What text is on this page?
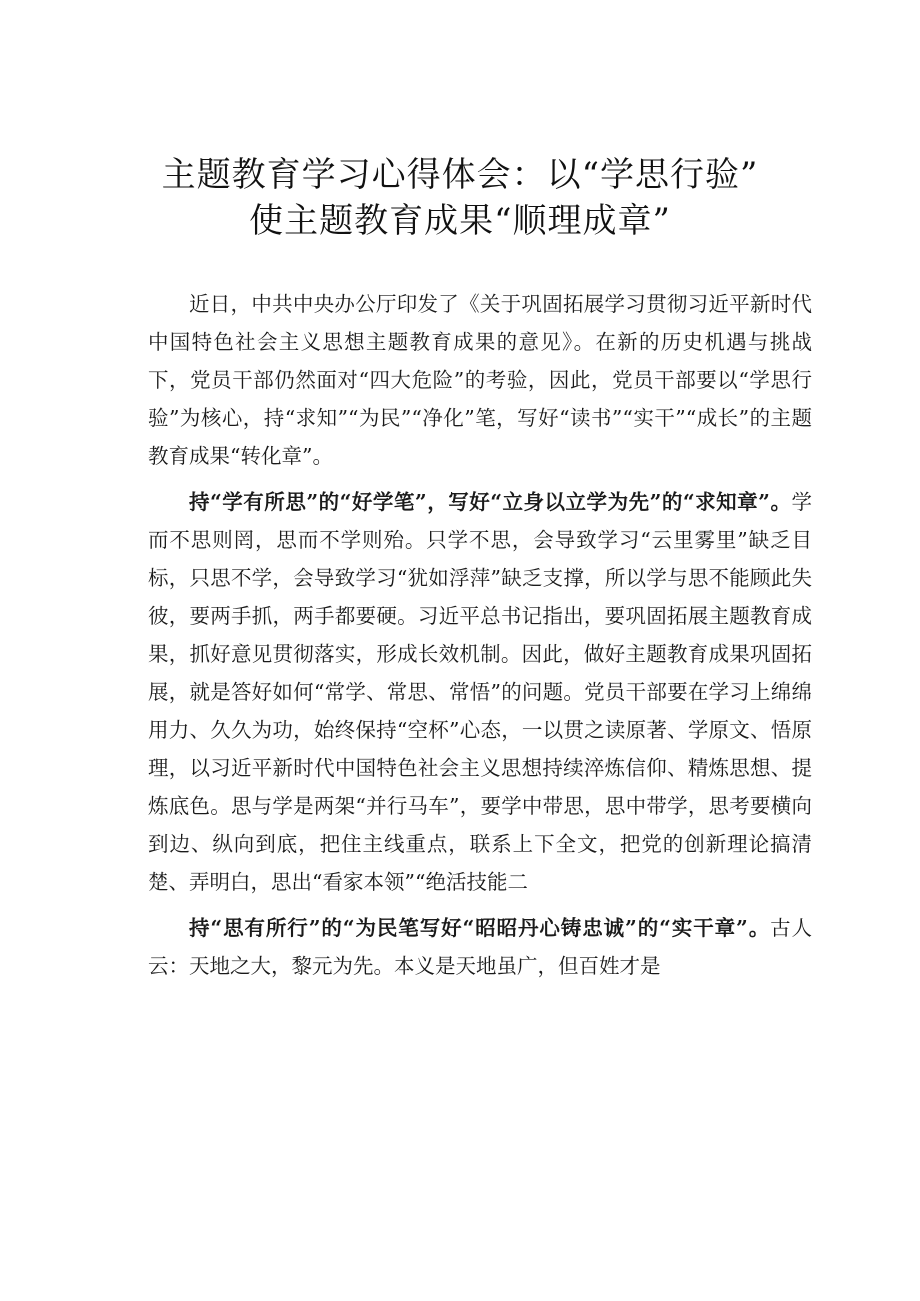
主题教育学习心得体会：以“学思行验”
使主题教育成果“顺理成章”

近日，中共中央办公厅印发了《关于巩固拓展学习贯彻习近平新时代中国特色社会主义思想主题教育成果的意见》。在新的历史机遇与挑战下，党员干部仍然面对“四大危险”的考验，因此，党员干部要以“学思行验”为核心，持“求知”“为民”“净化”笔，写好“读书”“实干”“成长”的主题教育成果“转化章”。

持“学有所思”的“好学笔”，写好“立身以立学为先”的“求知章”。学而不思则罔，思而不学则殆。只学不思，会导致学习“云里雾里”缺乏目标，只思不学，会导致学习“犹如浮萍”缺乏支撑，所以学与思不能顾此失彼，要两手抓，两手都要硬。习近平总书记指出，要巩固拓展主题教育成果，抓好意见贯彻落实，形成长效机制。因此，做好主题教育成果巩固拓展，就是答好如何“常学、常思、常悟”的问题。党员干部要在学习上绵绵用力、久久为功，始终保持“空杯”心态，一以贯之读原著、学原文、悟原理，以习近平新时代中国特色社会主义思想持续淬炼信仰、精炼思想、提炼底色。思与学是两架“并行马车”，要学中带思，思中带学，思考要横向到边、纵向到底，把住主线重点，联系上下全文，把党的创新理论搞清楚、弄明白，思出“看家本领”“绝活技能二

持“思有所行”的“为民笔写好“昭昭丹心铸忠诚”的“实干章”。古人云：天地之大，黎元为先。本义是天地虽广，但百姓才是
